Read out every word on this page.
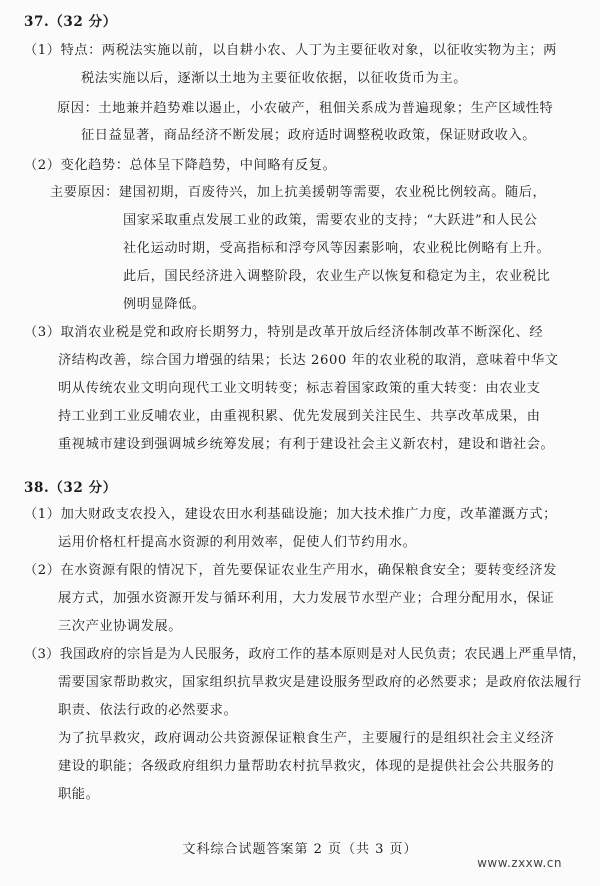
37.（32 分）
（1）特点：两税法实施以前，以自耕小农、人丁为主要征收对象，以征收实物为主；两
税法实施以后，逐渐以土地为主要征收依据，以征收货币为主。
原因：土地兼并趋势难以遏止，小农破产，租佃关系成为普遍现象；生产区域性特
征日益显著，商品经济不断发展；政府适时调整税收政策，保证财政收入。
（2）变化趋势：总体呈下降趋势，中间略有反复。
主要原因：建国初期，百废待兴，加上抗美援朝等需要，农业税比例较高。随后，
国家采取重点发展工业的政策，需要农业的支持；“大跃进”和人民公
社化运动时期，受高指标和浮夸风等因素影响，农业税比例略有上升。
此后，国民经济进入调整阶段，农业生产以恢复和稳定为主，农业税比
例明显降低。
（3）取消农业税是党和政府长期努力，特别是改革开放后经济体制改革不断深化、经
济结构改善，综合国力增强的结果；长达 2600 年的农业税的取消，意味着中华文
明从传统农业文明向现代工业文明转变；标志着国家政策的重大转变：由农业支
持工业到工业反哺农业，由重视积累、优先发展到关注民生、共享改革成果，由
重视城市建设到强调城乡统筹发展；有利于建设社会主义新农村，建设和谐社会。
38.（32 分）
（1）加大财政支农投入，建设农田水利基础设施；加大技术推广力度，改革灌溉方式；
运用价格杠杆提高水资源的利用效率，促使人们节约用水。
（2）在水资源有限的情况下，首先要保证农业生产用水，确保粮食安全；要转变经济发
展方式，加强水资源开发与循环利用，大力发展节水型产业；合理分配用水，保证
三次产业协调发展。
（3）我国政府的宗旨是为人民服务，政府工作的基本原则是对人民负责；农民遇上严重旱情，
需要国家帮助救灾，国家组织抗旱救灾是建设服务型政府的必然要求；是政府依法履行
职责、依法行政的必然要求。
为了抗旱救灾，政府调动公共资源保证粮食生产，主要履行的是组织社会主义经济
建设的职能；各级政府组织力量帮助农村抗旱救灾，体现的是提供社会公共服务的
职能。
文科综合试题答案第 2 页（共 3 页）
www.zxxw.cn
